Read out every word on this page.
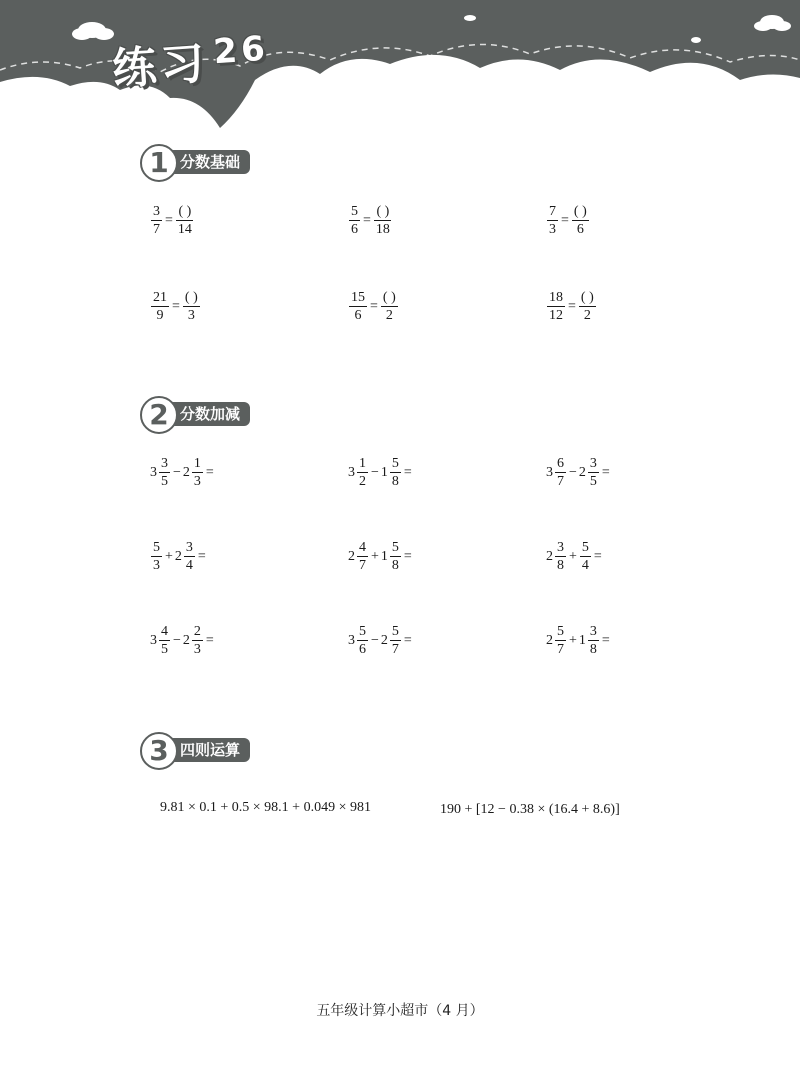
练习$^{26}$
分数基础
1
分数加减
2
四则运算
3
$\frac{3}{7} = \frac{( )}{14}$	$\frac{5}{6} = \frac{( )}{18}$	$\frac{7}{3} = \frac{( )}{6}$
$\frac{21}{9} = \frac{( )}{3}$	$\frac{15}{6} = \frac{( )}{2}$	$\frac{18}{12} = \frac{( )}{2}$
$3 \frac{3}{5} - 2 \frac{1}{3}$ =	$3 \frac{1}{2} - 1 \frac{5}{8}$ =	$3 \frac{6}{7} - 2 \frac{3}{5}$ =
$\frac{5}{3} + 2 \frac{3}{4}$ =	$2 \frac{4}{7} + 1 \frac{5}{8}$ =	$2 \frac{3}{8} + \frac{5}{4}$ =
$3 \frac{4}{5} - 2 \frac{2}{3}$ =	$3 \frac{5}{6} - 2 \frac{5}{7}$ =	$2 \frac{5}{7} + 1 \frac{3}{8}$ =
9.81 × 0.1 + 0.5 × 98.1 + 0.049 × 981	190 + [12 − 0.38 × (16.4 + 8.6)]
五年级计算小超市（4 月）
